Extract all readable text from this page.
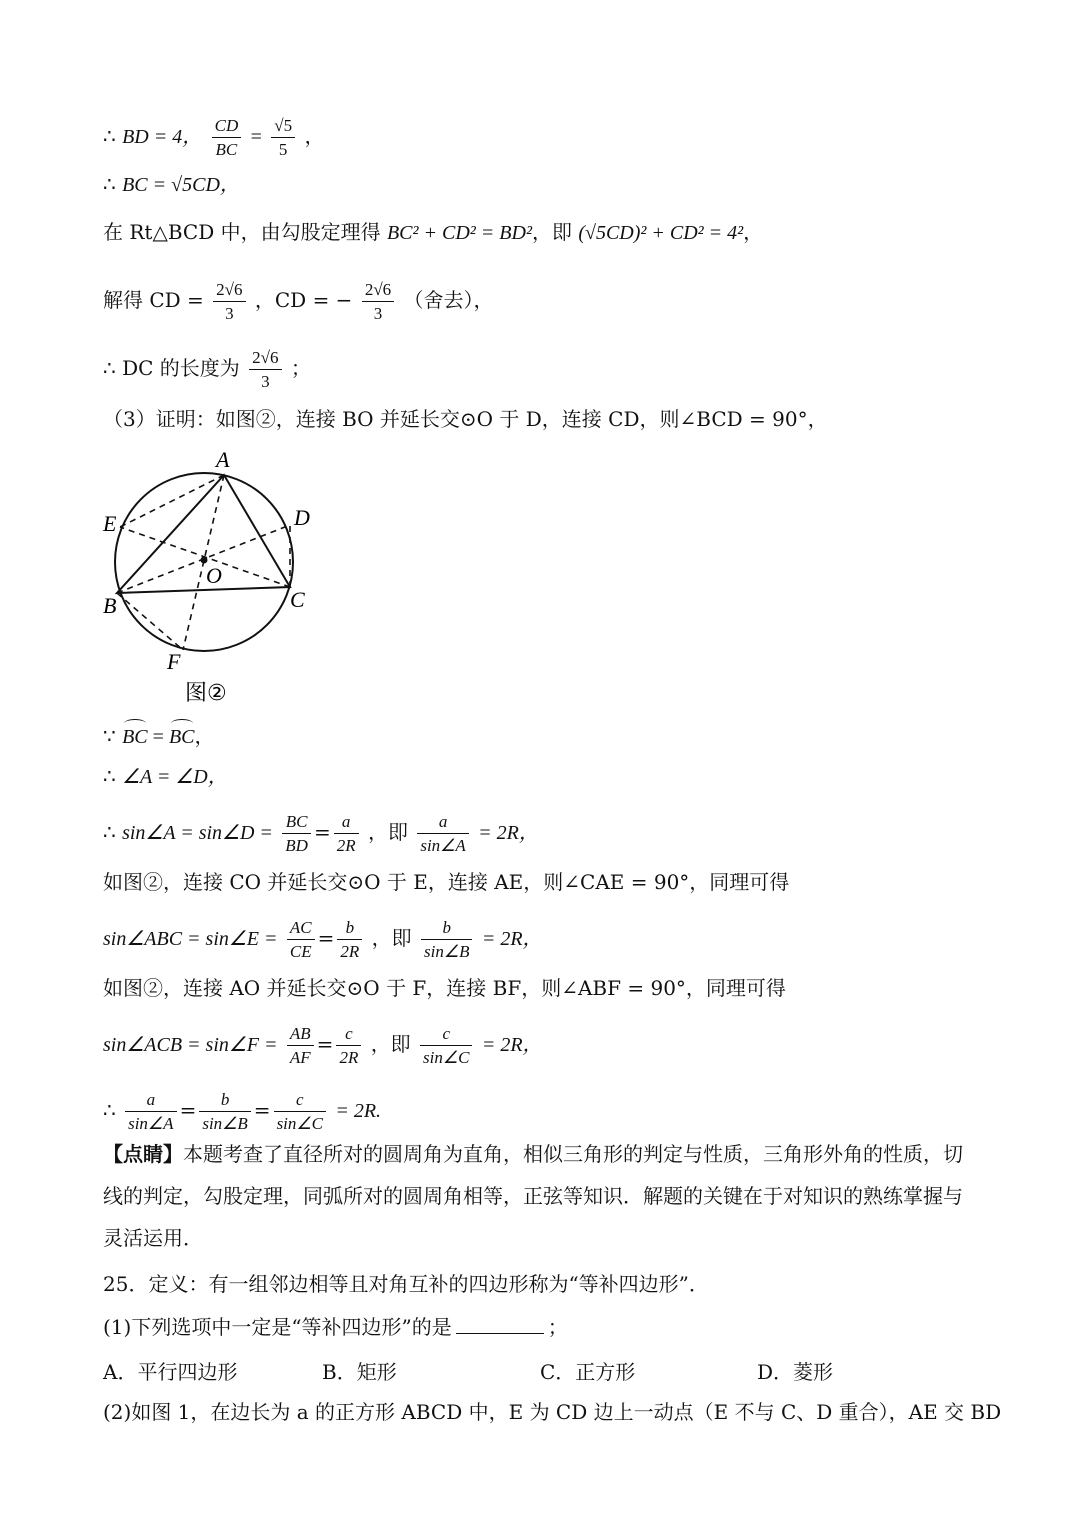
∴ BD = 4， $\frac{CD}{BC} = \frac{√5}{5}$ ，
∴ BC = √5CD，
在 Rt△BCD 中，由勾股定理得 BC² + CD² = BD²，即 (√5CD)² + CD² = 4²，
解得 CD = $\frac{2√6}{3}$ ，CD = − $\frac{2√6}{3}$ （舍去），
∴ DC 的长度为 $\frac{2√6}{3}$ ；
（3）证明：如图②，连接 BO 并延长交⊙O 于 D，连接 CD，则∠BCD = 90°，
A
B	C
D
E
F
O
图②
∵ BC = BC，
∴ ∠A = ∠D，
∴ sin∠A = sin∠D = $\frac{BC}{BD} = \frac{a}{2R}$ ，即 $\frac{a}{\sin\angle A} = 2R$，
如图②，连接 CO 并延长交⊙O 于 E，连接 AE，则∠CAE = 90°，同理可得
sin∠ABC = sin∠E = $\frac{AC}{CE} = \frac{b}{2R}$ ，即 $\frac{b}{\sin\angle B} = 2R$，
如图②，连接 AO 并延长交⊙O 于 F，连接 BF，则∠ABF = 90°，同理可得
sin∠ACB = sin∠F = $\frac{AB}{AF} = \frac{c}{2R}$ ，即 $\frac{c}{\sin\angle C} = 2R$，
∴ $\frac{a}{\sin\angle A} = \frac{b}{\sin\angle B} = \frac{c}{\sin\angle C} = 2R$.
【点睛】本题考查了直径所对的圆周角为直角，相似三角形的判定与性质，三角形外角的性质，切线的判定，勾股定理，同弧所对的圆周角相等，正弦等知识．解题的关键在于对知识的熟练掌握与灵活运用．
25．定义：有一组邻边相等且对角互补的四边形称为“等补四边形”．
(1)下列选项中一定是“等补四边形”的是	；
A．平行四边形	B．矩形	C．正方形	D．菱形
(2)如图 1，在边长为 a 的正方形 ABCD 中，E 为 CD 边上一动点（E 不与 C、D 重合），AE 交 BD
